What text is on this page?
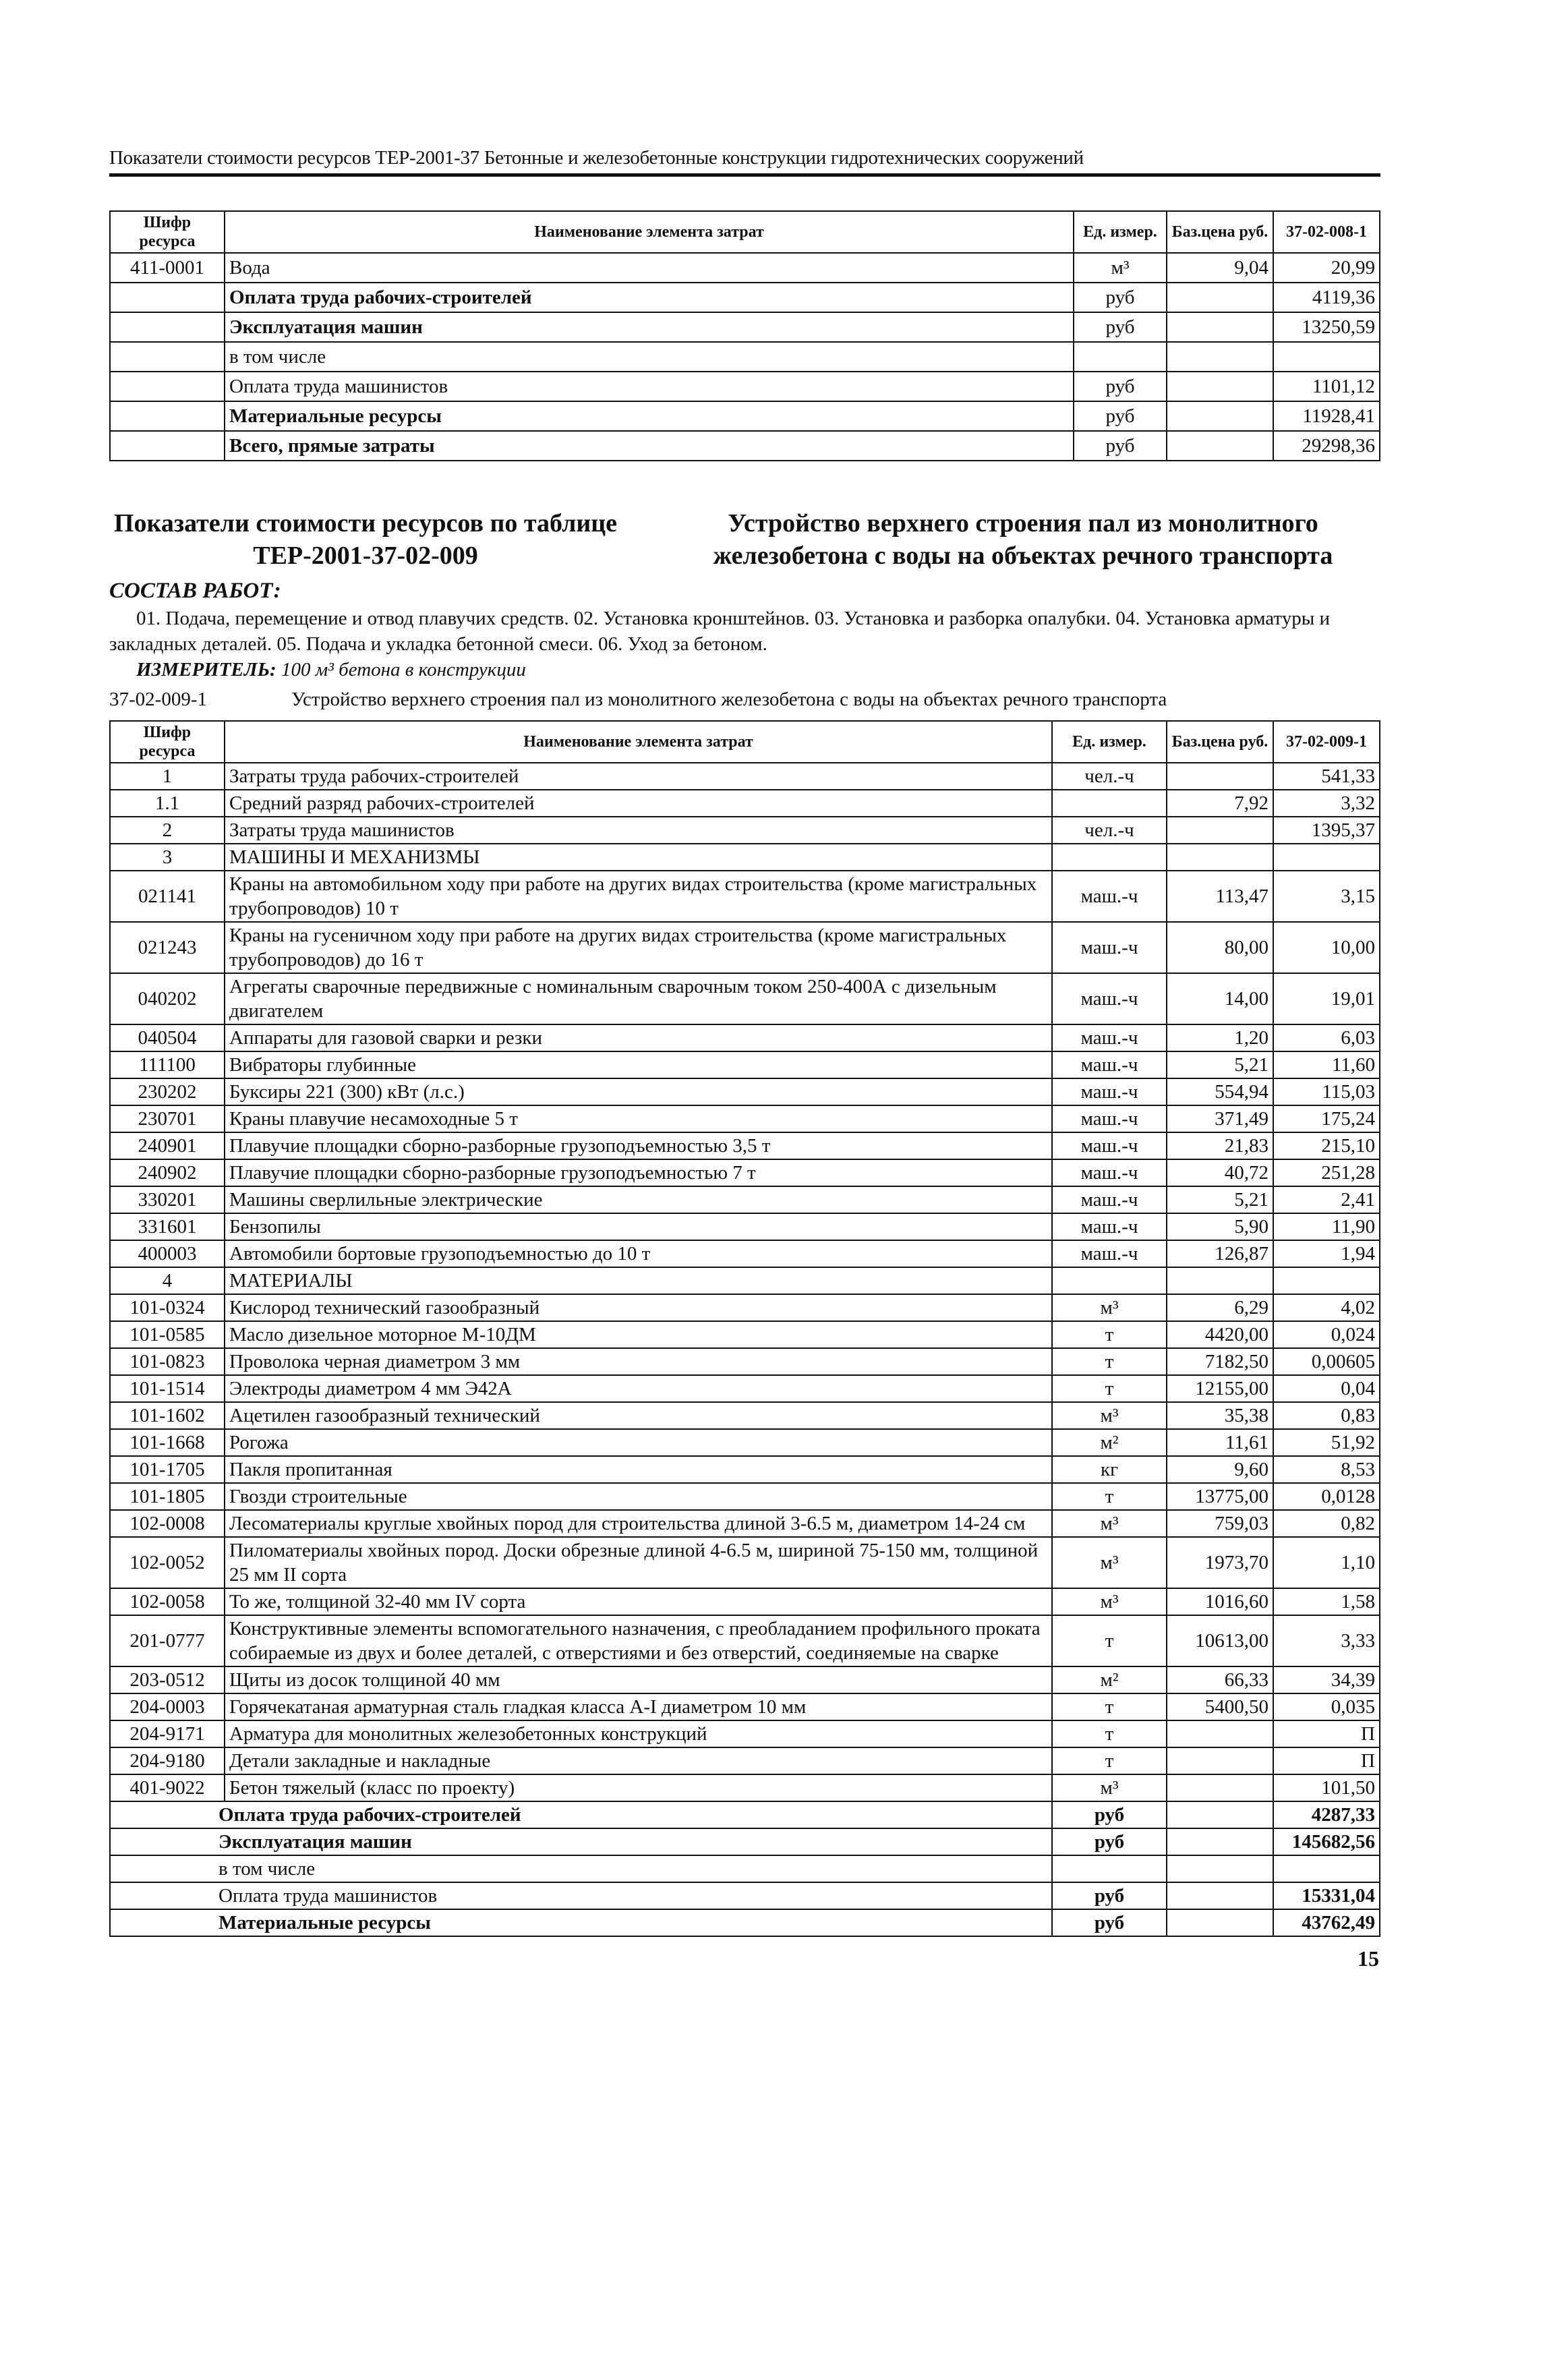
Показатели стоимости ресурсов ТЕР-2001-37 Бетонные и железобетонные конструкции гидротехнических сооружений
Шифр ресурса	Наименование элемента затрат	Ед. измер.	Баз.цена руб.	37-02-008-1
411-0001	Вода	м³	9,04	20,99
	Оплата труда рабочих-строителей	руб		4119,36
	Эксплуатация машин	руб		13250,59
	в том числе			
	Оплата труда машинистов	руб		1101,12
	Материальные ресурсы	руб		11928,41
	Всего, прямые затраты	руб		29298,36
Показатели стоимости ресурсов по таблице ТЕР-2001-37-02-009
Устройство верхнего строения пал из монолитного железобетона с воды на объектах речного транспорта
СОСТАВ РАБОТ:
01. Подача, перемещение и отвод плавучих средств. 02. Установка кронштейнов. 03. Установка и разборка опалубки. 04. Установка арматуры и закладных деталей. 05. Подача и укладка бетонной смеси. 06. Уход за бетоном.
ИЗМЕРИТЕЛЬ: 100 м³ бетона в конструкции
37-02-009-1	Устройство верхнего строения пал из монолитного железобетона с воды на объектах речного транспорта
Шифр ресурса	Наименование элемента затрат	Ед. измер.	Баз.цена руб.	37-02-009-1
1	Затраты труда рабочих-строителей	чел.-ч		541,33
1.1	Средний разряд рабочих-строителей		7,92	3,32
2	Затраты труда машинистов	чел.-ч		1395,37
3	МАШИНЫ И МЕХАНИЗМЫ			
021141	Краны на автомобильном ходу при работе на других видах строительства (кроме магистральных трубопроводов) 10 т	маш.-ч	113,47	3,15
021243	Краны на гусеничном ходу при работе на других видах строительства (кроме магистральных трубопроводов) до 16 т	маш.-ч	80,00	10,00
040202	Агрегаты сварочные передвижные с номинальным сварочным током 250-400А с дизельным двигателем	маш.-ч	14,00	19,01
040504	Аппараты для газовой сварки и резки	маш.-ч	1,20	6,03
111100	Вибраторы глубинные	маш.-ч	5,21	11,60
230202	Буксиры 221 (300) кВт (л.с.)	маш.-ч	554,94	115,03
230701	Краны плавучие несамоходные 5 т	маш.-ч	371,49	175,24
240901	Плавучие площадки сборно-разборные грузоподъемностью 3,5 т	маш.-ч	21,83	215,10
240902	Плавучие площадки сборно-разборные грузоподъемностью 7 т	маш.-ч	40,72	251,28
330201	Машины сверлильные электрические	маш.-ч	5,21	2,41
331601	Бензопилы	маш.-ч	5,90	11,90
400003	Автомобили бортовые грузоподъемностью до 10 т	маш.-ч	126,87	1,94
4	МАТЕРИАЛЫ			
101-0324	Кислород технический газообразный	м³	6,29	4,02
101-0585	Масло дизельное моторное М-10ДМ	т	4420,00	0,024
101-0823	Проволока черная диаметром 3 мм	т	7182,50	0,00605
101-1514	Электроды диаметром 4 мм Э42А	т	12155,00	0,04
101-1602	Ацетилен газообразный технический	м³	35,38	0,83
101-1668	Рогожа	м²	11,61	51,92
101-1705	Пакля пропитанная	кг	9,60	8,53
101-1805	Гвозди строительные	т	13775,00	0,0128
102-0008	Лесоматериалы круглые хвойных пород для строительства длиной 3-6.5 м, диаметром 14-24 см	м³	759,03	0,82
102-0052	Пиломатериалы хвойных пород. Доски обрезные длиной 4-6.5 м, шириной 75-150 мм, толщиной 25 мм II сорта	м³	1973,70	1,10
102-0058	То же, толщиной 32-40 мм IV сорта	м³	1016,60	1,58
201-0777	Конструктивные элементы вспомогательного назначения, с преобладанием профильного проката собираемые из двух и более деталей, с отверстиями и без отверстий, соединяемые на сварке	т	10613,00	3,33
203-0512	Щиты из досок толщиной 40 мм	м²	66,33	34,39
204-0003	Горячекатаная арматурная сталь гладкая класса А-I диаметром 10 мм	т	5400,50	0,035
204-9171	Арматура для монолитных железобетонных конструкций	т		П
204-9180	Детали закладные и накладные	т		П
401-9022	Бетон тяжелый (класс по проекту)	м³		101,50
Оплата труда рабочих-строителей		руб		4287,33
Эксплуатация машин		руб		145682,56
в том числе				
Оплата труда машинистов		руб		15331,04
Материальные ресурсы		руб		43762,49
15
